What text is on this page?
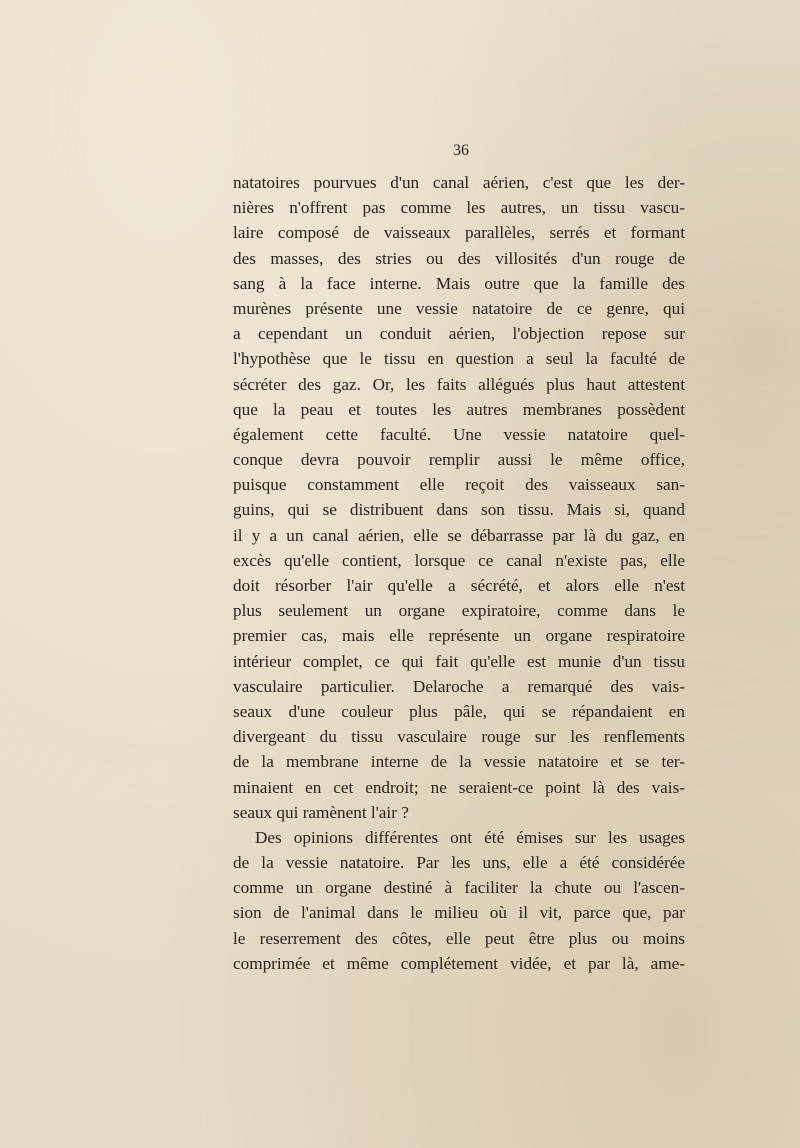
36
natatoires pourvues d'un canal aérien, c'est que les der-
nières n'offrent pas comme les autres, un tissu vascu-
laire composé de vaisseaux parallèles, serrés et formant
des masses, des stries ou des villosités d'un rouge de
sang à la face interne. Mais outre que la famille des
murènes présente une vessie natatoire de ce genre, qui
a cependant un conduit aérien, l'objection repose sur
l'hypothèse que le tissu en question a seul la faculté de
sécréter des gaz. Or, les faits allégués plus haut attestent
que la peau et toutes les autres membranes possèdent
également cette faculté. Une vessie natatoire quel-
conque devra pouvoir remplir aussi le même office,
puisque constamment elle reçoit des vaisseaux san-
guins, qui se distribuent dans son tissu. Mais si, quand
il y a un canal aérien, elle se débarrasse par là du gaz, en
excès qu'elle contient, lorsque ce canal n'existe pas, elle
doit résorber l'air qu'elle a sécrété, et alors elle n'est
plus seulement un organe expiratoire, comme dans le
premier cas, mais elle représente un organe respiratoire
intérieur complet, ce qui fait qu'elle est munie d'un tissu
vasculaire particulier. Delaroche a remarqué des vais-
seaux d'une couleur plus pâle, qui se répandaient en
divergeant du tissu vasculaire rouge sur les renflements
de la membrane interne de la vessie natatoire et se ter-
minaient en cet endroit; ne seraient-ce point là des vais-
seaux qui ramènent l'air ?
Des opinions différentes ont été émises sur les usages
de la vessie natatoire. Par les uns, elle a été considérée
comme un organe destiné à faciliter la chute ou l'ascen-
sion de l'animal dans le milieu où il vit, parce que, par
le reserrement des côtes, elle peut être plus ou moins
comprimée et même complétement vidée, et par là, ame-
